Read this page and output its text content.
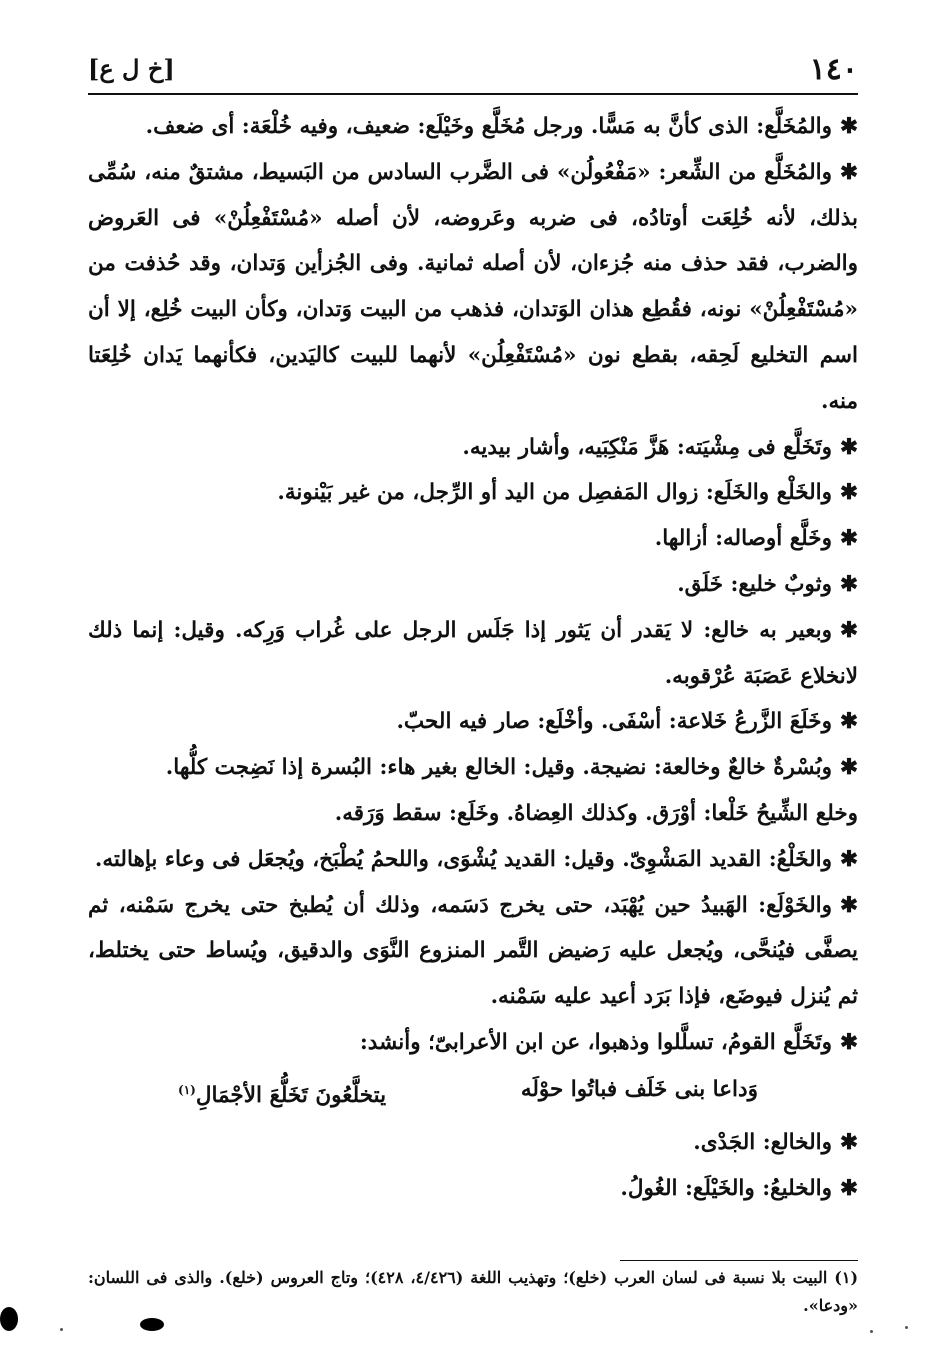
١٤٠
[خ ل ع]

✱والمُخَلَّع: الذى كأنَّ به مَسًّا. ورجل مُخَلَّع وخَيْلَع: ضعيف، وفيه خُلْعَة: أى ضعف.

✱والمُخَلَّع من الشِّعر: «مَفْعُولُن» فى الضَّرب السادس من البَسيط، مشتقٌ منه، سُمِّى بذلك، لأنه خُلِعَت أوتادُه، فى ضربه وعَروضه، لأن أصله «مُسْتَفْعِلُنْ» فى العَروض والضرب، فقد حذف منه جُزءان، لأن أصله ثمانية. وفى الجُزأين وَتدان، وقد حُذفت من «مُسْتَفْعِلُنْ» نونه، فقُطِع هذان الوَتدان، فذهب من البيت وَتدان، وكأن البيت خُلِع، إلا أن اسم التخليع لَحِقه، بقطع نون «مُسْتَفْعِلُن» لأنهما للبيت كاليَدين، فكأنهما يَدان خُلِعَتا منه.

✱وتَخَلَّع فى مِشْيَته: هَزَّ مَنْكِبَيه، وأشار بيديه.

✱والخَلْع والخَلَع: زوال المَفصِل من اليد أو الرِّجل، من غير بَيْنونة.

✱وخَلَّع أوصاله: أزالها.

✱وثوبٌ خليع: خَلَق.

✱وبعير به خالع: لا يَقدر أن يَثور إذا جَلَس الرجل على غُراب وَرِكه. وقيل: إنما ذلك لانخلاع عَصَبَة عُرْقوبه.

✱وخَلَعَ الزَّرعُ خَلاعة: أسْفَى. وأخْلَع: صار فيه الحبّ.

✱وبُسْرةٌ خالعٌ وخالعة: نضيجة. وقيل: الخالع بغير هاء: البُسرة إذا نَضِجت كلُّها.

وخلع الشِّيحُ خَلْعا: أوْرَق. وكذلك العِضاهُ. وخَلَع: سقط وَرَقه.

✱والخَلْعُ: القديد المَشْوِىّ. وقيل: القديد يُشْوَى، واللحمُ يُطْبَخ، ويُجعَل فى وعاء بإهالته.

✱والخَوْلَع: الهَبيدُ حين يُهْبَد، حتى يخرج دَسَمه، وذلك أن يُطبخ حتى يخرج سَمْنه، ثم يصفَّى فيُنحَّى، ويُجعل عليه رَضيض التَّمر المنزوع النَّوَى والدقيق، ويُساط حتى يختلط، ثم يُنزل فيوضَع، فإذا بَرَد أعيد عليه سَمْنه.

✱وتَخَلَّع القومُ، تسلَّلوا وذهبوا، عن ابن الأعرابىّ؛ وأنشد:

وَداعا بنى خَلَف فباتُوا حوْلَه
يتخلَّعُونَ تَخَلُّعَ الأجْمَالِ$^{(١)}$

✱والخالع: الجَدْى.

✱والخليعُ: والخَيْلَع: الغُولُ.

(١) البيت بلا نسبة فى لسان العرب (خلع)؛ وتهذيب اللغة (٤/٤٢٦، ٤٢٨)؛ وتاج العروس (خلع). والذى فى اللسان: «ودعا».
